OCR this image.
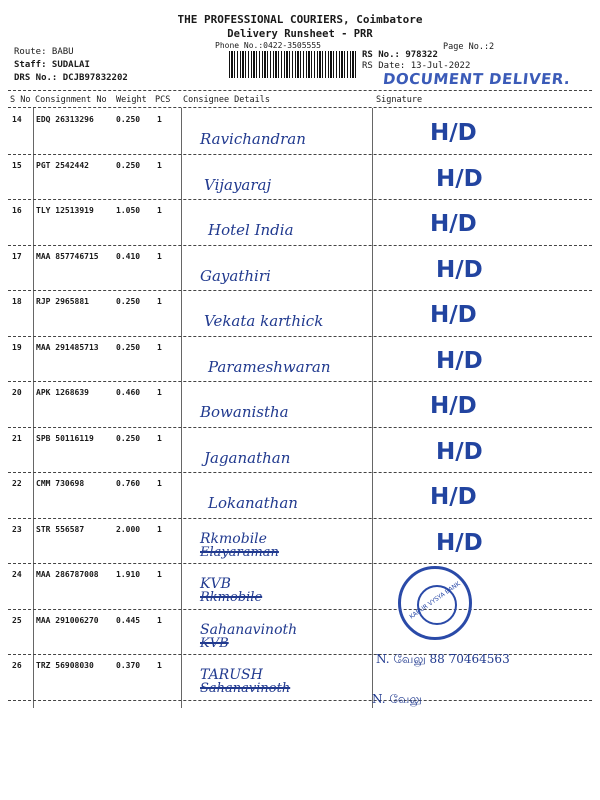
THE PROFESSIONAL COURIERS, Coimbatore
Delivery Runsheet - PRR
Phone No.:0422-3505555	Page No.:2
Route: BABU
Staff: SUDALAI
DRS No.: DCJB97832202
RS No.: 978322
RS Date: 13-Jul-2022
DOCUMENT DELIVER.
S No Consignment No Weight PCS Consignee Details	Signature
14 EDQ 26313296	0.250 1
Ravichandran	H/D
15 PGT 2542442	0.250 1
Vijayaraj	H/D
16 TLY 12513919	1.050 1
Hotel India	H/D
17 MAA 857746715 0.410 1
Gayathiri	H/D
18 RJP 2965881	0.250 1
Vekata karthick	H/D
19 MAA 291485713 0.250 1
Parameshwaran	H/D
20 APK 1268639	0.460 1
Bowanistha	H/D
21 SPB 50116119	0.250 1
Jaganathan	H/D
22 CMM 730698	0.760 1
Lokanathan	H/D
23 STR 556587	2.000 1
Rkmobile
Elayaraman	H/D
24 MAA 286787008 1.910 1
KVB
Rkmobile
25 MAA 291006270 0.445 1
Sahanavinoth
KVB
26 TRZ 56908030	0.370 1
TARUSH
Sahanavinoth
KARUR VYSYA BANK
N. வேலு 88 70464563
N. வேலு
